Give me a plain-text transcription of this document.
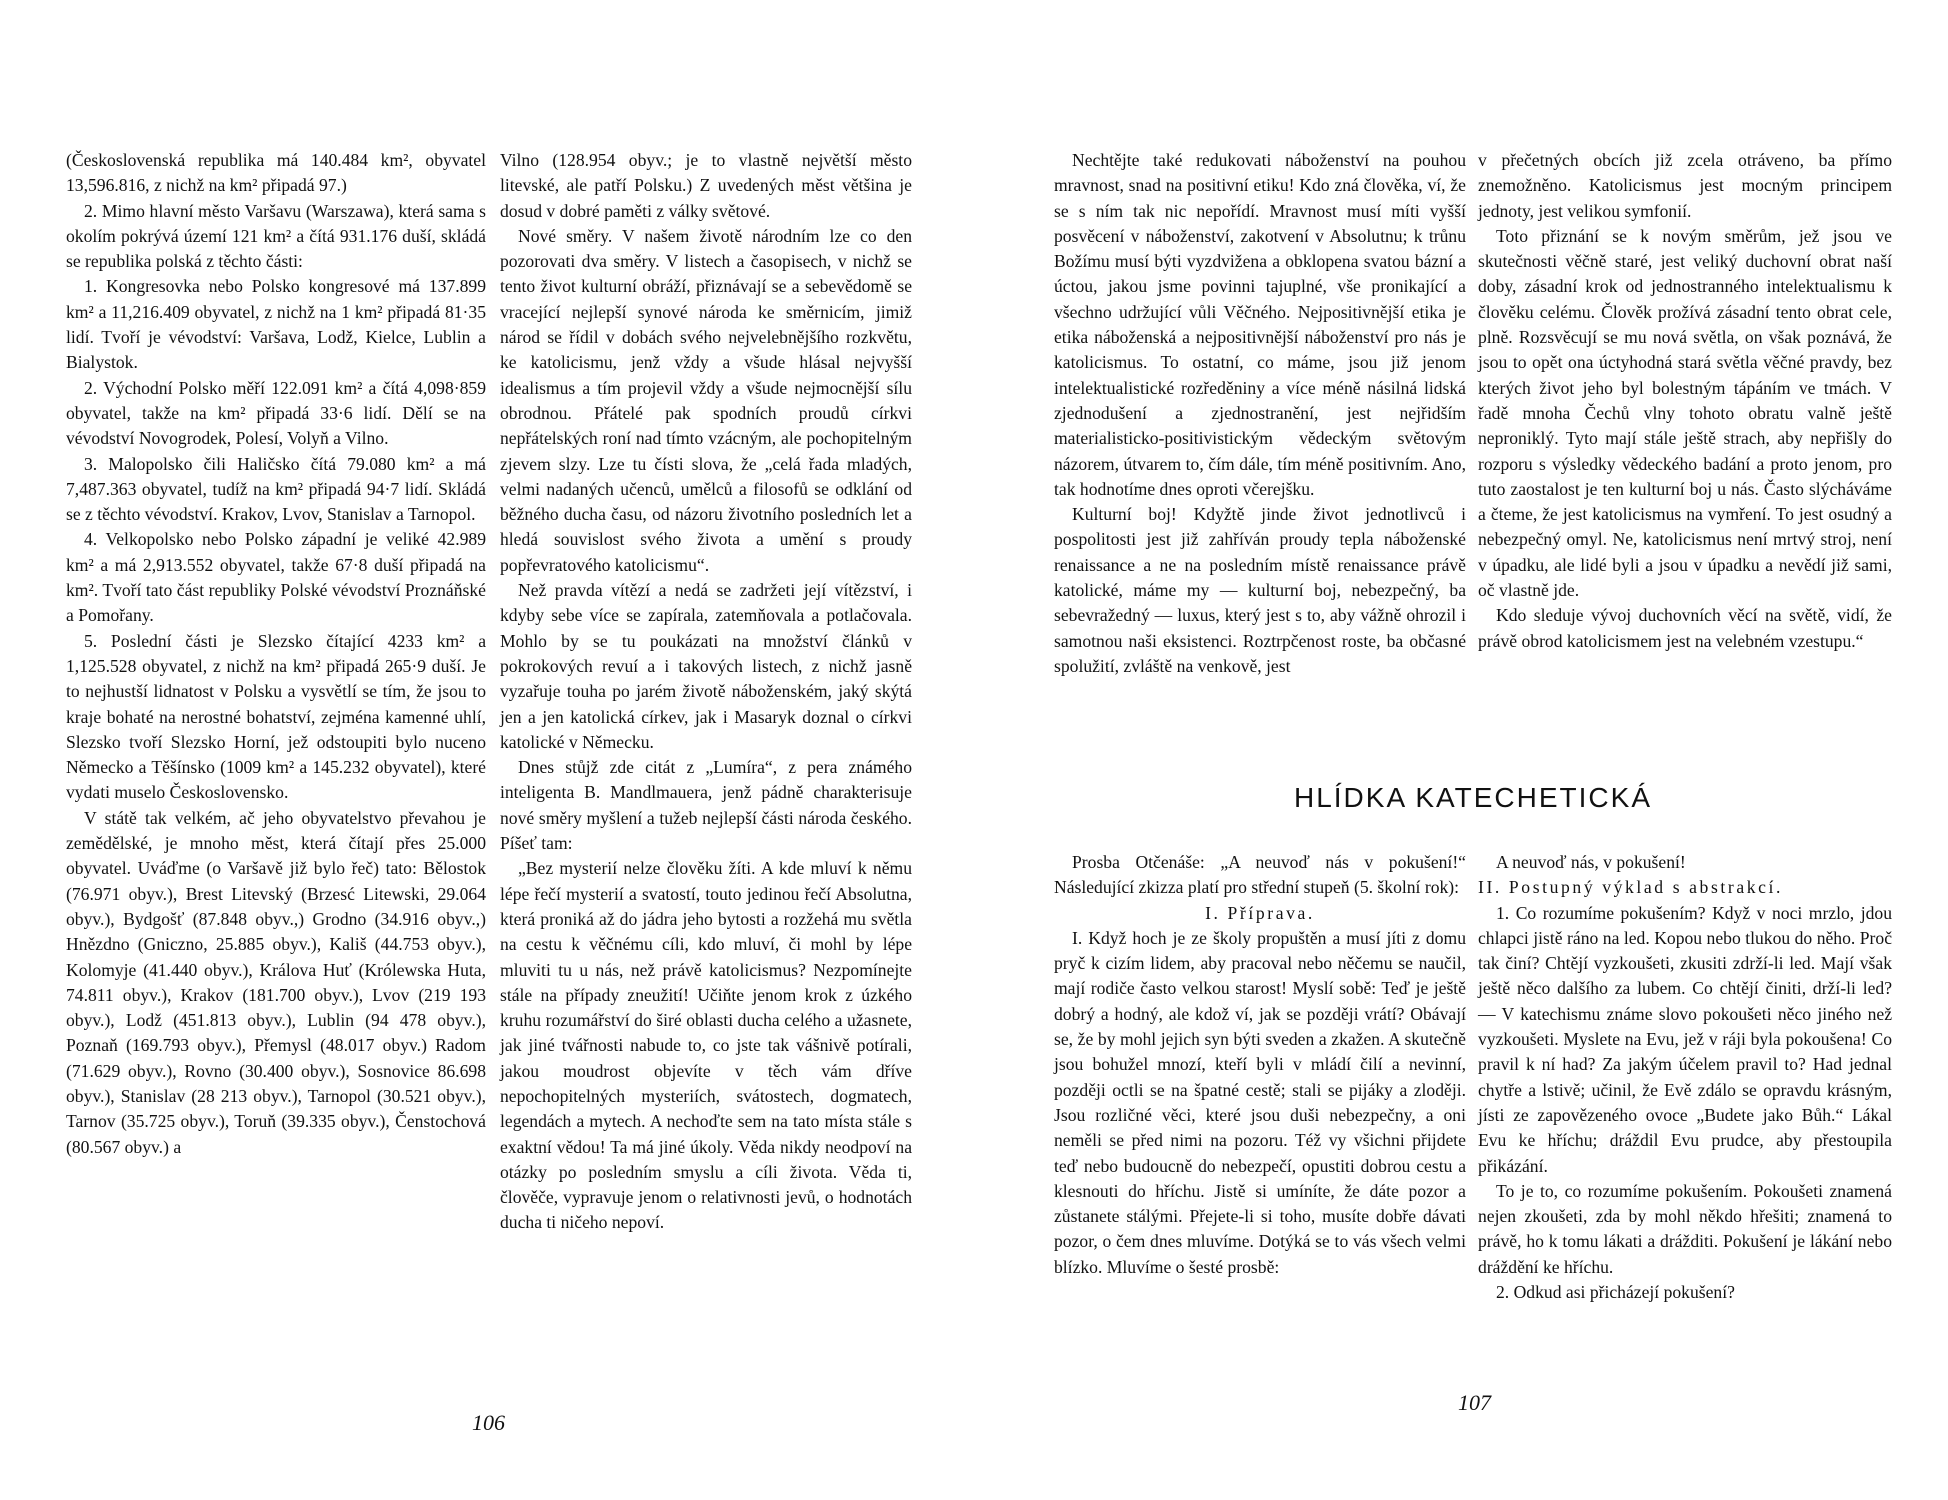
(Československá republika má 140.484 km², obyvatel 13,596.816, z nichž na km² připadá 97.)

2. Mimo hlavní město Varšavu (Warszawa), která sama s okolím pokrývá území 121 km² a čítá 931.176 duší, skládá se republika polská z těchto části:

1. Kongresovka nebo Polsko kongresové má 137.899 km² a 11,216.409 obyvatel, z nichž na 1 km² připadá 81·35 lidí. Tvoří je vévodství: Varšava, Lodž, Kielce, Lublin a Bialystok.

2. Východní Polsko měří 122.091 km² a čítá 4,098·859 obyvatel, takže na km² připadá 33·6 lidí. Dělí se na vévodství Novogrodek, Polesí, Volyň a Vilno.

3. Malopolsko čili Haličsko čítá 79.080 km² a má 7,487.363 obyvatel, tudíž na km² připadá 94·7 lidí. Skládá se z těchto vévodství. Krakov, Lvov, Stanislav a Tarnopol.

4. Velkopolsko nebo Polsko západní je veliké 42.989 km² a má 2,913.552 obyvatel, takže 67·8 duší připadá na km². Tvoří tato část republiky Polské vévodství Proznáňské a Pomořany.

5. Poslední části je Slezsko čítající 4233 km² a 1,125.528 obyvatel, z nichž na km² připadá 265·9 duší. Je to nejhustší lidnatost v Polsku a vysvětlí se tím, že jsou to kraje bohaté na nerostné bohatství, zejména kamenné uhlí, Slezsko tvoří Slezsko Horní, jež odstoupiti bylo nuceno Německo a Těšínsko (1009 km² a 145.232 obyvatel), které vydati muselo Československo.

V státě tak velkém, ač jeho obyvatelstvo převahou je zemědělské, je mnoho měst, která čítají přes 25.000 obyvatel. Uváďme (o Varšavě již bylo řeč) tato: Bělostok (76.971 obyv.), Brest Litevský (Brzesć Litewski, 29.064 obyv.), Bydgošť (87.848 obyv.,) Grodno (34.916 obyv.,) Hnězdno (Gniczno, 25.885 obyv.), Kališ (44.753 obyv.), Kolomyje (41.440 obyv.), Králova Huť (Królewska Huta, 74.811 obyv.), Krakov (181.700 obyv.), Lvov (219 193 obyv.), Lodž (451.813 obyv.), Lublin (94 478 obyv.), Poznaň (169.793 obyv.), Přemysl (48.017 obyv.) Radom (71.629 obyv.), Rovno (30.400 obyv.), Sosnovice 86.698 obyv.), Stanislav (28 213 obyv.), Tarnopol (30.521 obyv.), Tarnov (35.725 obyv.), Toruň (39.335 obyv.), Čenstochová (80.567 obyv.) a

Vilno (128.954 obyv.; je to vlastně největší město litevské, ale patří Polsku.) Z uvedených měst většina je dosud v dobré paměti z války světové.

Nové směry. V našem životě národním lze co den pozorovati dva směry. V listech a časopisech, v nichž se tento život kulturní obráží, přiznávají se a sebevědomě se vracející nejlepší synové národa ke směrnicím, jimiž národ se řídil v dobách svého nejvelebnějšího rozkvětu, ke katolicismu, jenž vždy a všude hlásal nejvyšší idealismus a tím projevil vždy a všude nejmocnější sílu obrodnou. Přátelé pak spodních proudů církvi nepřátelských roní nad tímto vzácným, ale pochopitelným zjevem slzy. Lze tu čísti slova, že „celá řada mladých, velmi nadaných učenců, umělců a filosofů se odklání od běžného ducha času, od názoru životního posledních let a hledá souvislost svého života a umění s proudy popřevratového katolicismu“.

Než pravda vítězí a nedá se zadržeti její vítězství, i kdyby sebe více se zapírala, zatemňovala a potlačovala. Mohlo by se tu poukázati na množství článků v pokrokových revuí a i takových listech, z nichž jasně vyzařuje touha po jarém životě náboženském, jaký skýtá jen a jen katolická církev, jak i Masaryk doznal o církvi katolické v Německu.

Dnes stůjž zde citát z „Lumíra“, z pera známého inteligenta B. Mandlmauera, jenž pádně charakterisuje nové směry myšlení a tužeb nejlepší části národa českého. Píšeť tam:

„Bez mysterií nelze člověku žíti. A kde mluví k němu lépe řečí mysterií a svatostí, touto jedinou řečí Absolutna, která proniká až do jádra jeho bytosti a rozžehá mu světla na cestu k věčnému cíli, kdo mluví, či mohl by lépe mluviti tu u nás, než právě katolicismus? Nezpomínejte stále na případy zneužití! Učiňte jenom krok z úzkého kruhu rozumářství do širé oblasti ducha celého a užasnete, jak jiné tvářnosti nabude to, co jste tak vášnivě potírali, jakou moudrost objevíte v těch vám dříve nepochopitelných mysteriích, svátostech, dogmatech, legendách a mytech. A nechoďte sem na tato místa stále s exaktní vědou! Ta má jiné úkoly. Věda nikdy neodpoví na otázky po posledním smyslu a cíli života. Věda ti, člověče, vypravuje jenom o relativnosti jevů, o hodnotách ducha ti ničeho nepoví.

106

Nechtějte také redukovati náboženství na pouhou mravnost, snad na positivní etiku! Kdo zná člověka, ví, že se s ním tak nic nepořídí. Mravnost musí míti vyšší posvěcení v náboženství, zakotvení v Absolutnu; k trůnu Božímu musí býti vyzdvižena a obklopena svatou bázní a úctou, jakou jsme povinni tajuplné, vše pronikající a všechno udržující vůli Věčného. Nejpositivnější etika je etika náboženská a nejpositivnější náboženství pro nás je katolicismus. To ostatní, co máme, jsou již jenom intelektualistické rozředěniny a více méně násilná lidská zjednodušení a zjednostranění, jest nejřidším materialisticko-positivistickým vědeckým světovým názorem, útvarem to, čím dále, tím méně positivním. Ano, tak hodnotíme dnes oproti včerejšku.

Kulturní boj! Kdyžtě jinde život jednotlivců i pospolitosti jest již zahříván proudy tepla náboženské renaissance a ne na posledním místě renaissance právě katolické, máme my — kulturní boj, nebezpečný, ba sebevražedný — luxus, který jest s to, aby vážně ohrozil i samotnou naši eksistenci. Roztrpčenost roste, ba občasné spolužití, zvláště na venkově, jest

v přečetných obcích již zcela otráveno, ba přímo znemožněno. Katolicismus jest mocným principem jednoty, jest velikou symfonií.

Toto přiznání se k novým směrům, jež jsou ve skutečnosti věčně staré, jest veliký duchovní obrat naší doby, zásadní krok od jednostranného intelektualismu k člověku celému. Člověk prožívá zásadní tento obrat cele, plně. Rozsvěcují se mu nová světla, on však poznává, že jsou to opět ona úctyhodná stará světla věčné pravdy, bez kterých život jeho byl bolestným tápáním ve tmách. V řadě mnoha Čechů vlny tohoto obratu valně ještě neproniklý. Tyto mají stále ještě strach, aby nepřišly do rozporu s výsledky vědeckého badání a proto jenom, pro tuto zaostalost je ten kulturní boj u nás. Často slýcháváme a čteme, že jest katolicismus na vymření. To jest osudný a nebezpečný omyl. Ne, katolicismus není mrtvý stroj, není v úpadku, ale lidé byli a jsou v úpadku a nevědí již sami, oč vlastně jde.

Kdo sleduje vývoj duchovních věcí na světě, vidí, že právě obrod katolicismem jest na velebném vzestupu.“

HLÍDKA KATECHETICKÁ

Prosba Otčenáše: „A neuvoď nás v pokušení!“ Následující zkizza platí pro střední stupeň (5. školní rok):

I. Příprava.

I. Když hoch je ze školy propuštěn a musí jíti z domu pryč k cizím lidem, aby pracoval nebo něčemu se naučil, mají rodiče často velkou starost! Myslí sobě: Teď je ještě dobrý a hodný, ale kdož ví, jak se později vrátí? Obávají se, že by mohl jejich syn býti sveden a zkažen. A skutečně jsou bohužel mnozí, kteří byli v mládí čilí a nevinní, později octli se na špatné cestě; stali se pijáky a zloději. Jsou rozličné věci, které jsou duši nebezpečny, a oni neměli se před nimi na pozoru. Též vy všichni přijdete teď nebo budoucně do nebezpečí, opustiti dobrou cestu a klesnouti do hříchu. Jistě si umíníte, že dáte pozor a zůstanete stálými. Přejete-li si toho, musíte dobře dávati pozor, o čem dnes mluvíme. Dotýká se to vás všech velmi blízko. Mluvíme o šesté prosbě:

A neuvoď nás, v pokušení!

II. Postupný výklad s abstrakcí.

1. Co rozumíme pokušením? Když v noci mrzlo, jdou chlapci jistě ráno na led. Kopou nebo tlukou do něho. Proč tak činí? Chtějí vyzkoušeti, zkusiti zdrží-li led. Mají však ještě něco dalšího za lubem. Co chtějí činiti, drží-li led? — V katechismu známe slovo pokoušeti něco jiného než vyzkoušeti. Myslete na Evu, jež v ráji byla pokoušena! Co pravil k ní had? Za jakým účelem pravil to? Had jednal chytře a lstivě; učinil, že Evě zdálo se opravdu krásným, jísti ze zapovězeného ovoce „Budete jako Bůh.“ Lákal Evu ke hříchu; dráždil Evu prudce, aby přestoupila přikázání.

To je to, co rozumíme pokušením. Pokoušeti znamená nejen zkoušeti, zda by mohl někdo hřešiti; znamená to právě, ho k tomu lákati a drážditi. Pokušení je lákání nebo dráždění ke hříchu.

2. Odkud asi přicházejí pokušení?

107
